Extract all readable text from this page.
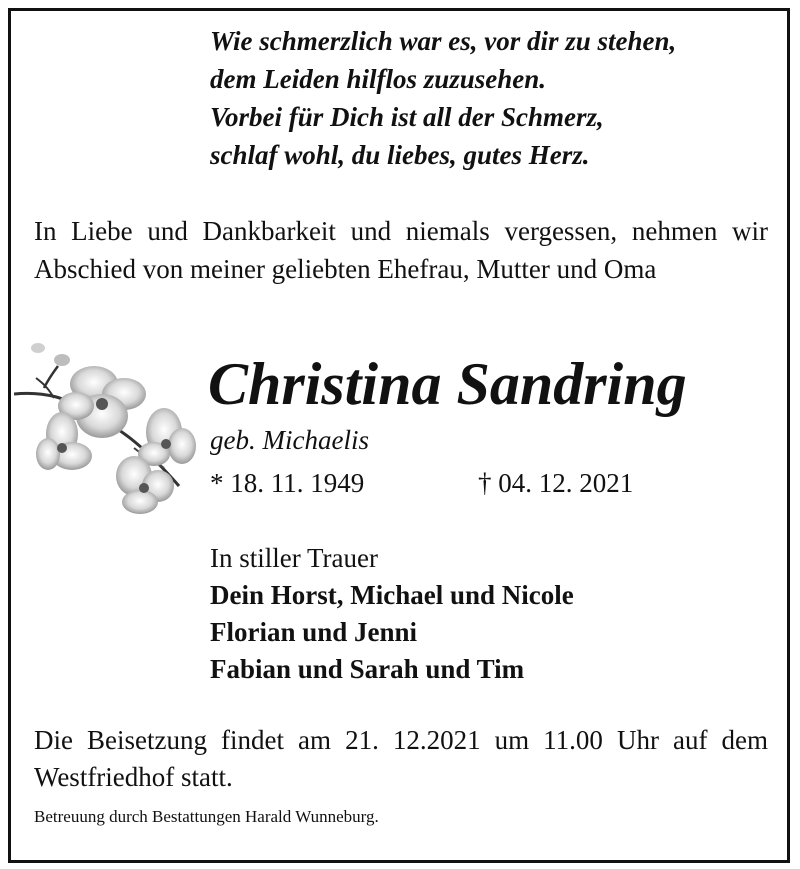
Wie schmerzlich war es, vor dir zu stehen,
dem Leiden hilflos zuzusehen.
Vorbei für Dich ist all der Schmerz,
schlaf wohl, du liebes, gutes Herz.
In Liebe und Dankbarkeit und niemals vergessen, nehmen wir Abschied von meiner geliebten Ehefrau, Mutter und Oma
Christina Sandring
geb. Michaelis
* 18. 11. 1949	† 04. 12. 2021
In stiller Trauer
Dein Horst, Michael und Nicole
Florian und Jenni
Fabian und Sarah und Tim
Die Beisetzung findet am 21. 12.2021 um 11.00 Uhr auf dem Westfriedhof statt.
Betreuung durch Bestattungen Harald Wunneburg.
